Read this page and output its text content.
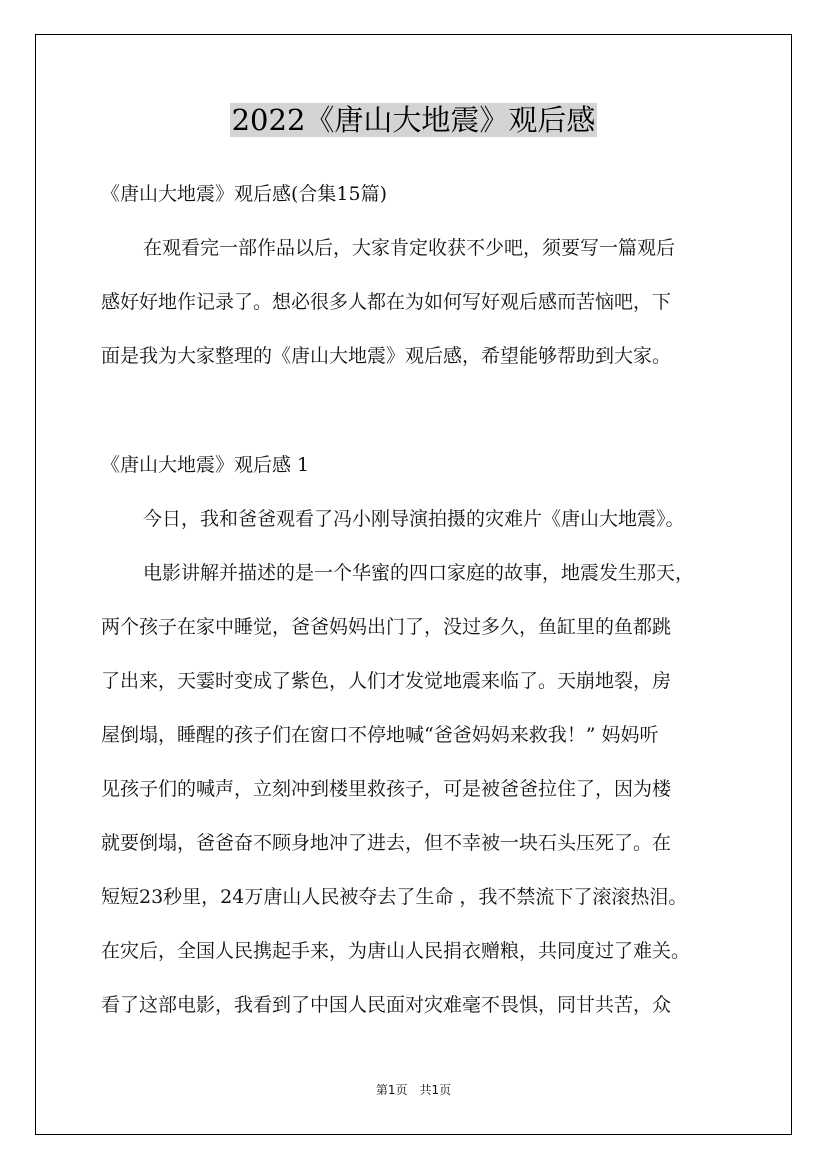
2022《唐山大地震》观后感
《唐山大地震》观后感(合集15篇)
在观看完一部作品以后，大家肯定收获不少吧，须要写一篇观后
感好好地作记录了。想必很多人都在为如何写好观后感而苦恼吧，下
面是我为大家整理的《唐山大地震》观后感，希望能够帮助到大家。
《唐山大地震》观后感 1
今日，我和爸爸观看了冯小刚导演拍摄的灾难片《唐山大地震》。
电影讲解并描述的是一个华蜜的四口家庭的故事，地震发生那天，
两个孩子在家中睡觉，爸爸妈妈出门了，没过多久，鱼缸里的鱼都跳
了出来，天霎时变成了紫色，人们才发觉地震来临了。天崩地裂，房
屋倒塌，睡醒的孩子们在窗口不停地喊“爸爸妈妈来救我！” 妈妈听
见孩子们的喊声，立刻冲到楼里救孩子，可是被爸爸拉住了，因为楼
就要倒塌，爸爸奋不顾身地冲了进去，但不幸被一块石头压死了。在
短短23秒里，24万唐山人民被夺去了生命 ，我不禁流下了滚滚热泪。
在灾后，全国人民携起手来，为唐山人民捐衣赠粮，共同度过了难关。
看了这部电影，我看到了中国人民面对灾难毫不畏惧，同甘共苦，众
第1页　共1页
